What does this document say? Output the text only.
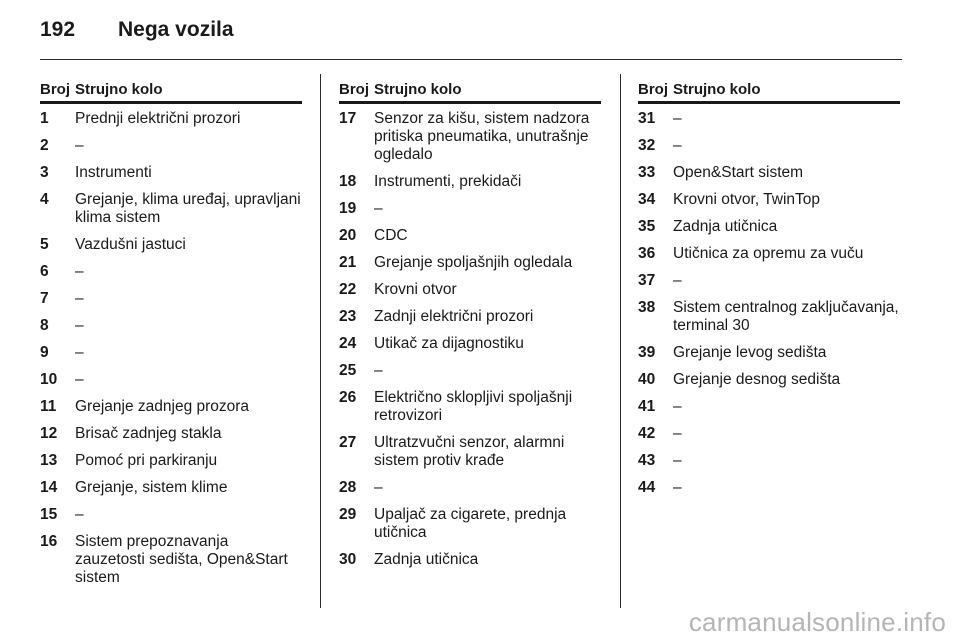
192	Nega vozila
Broj Strujno kolo
1	Prednji električni prozori
2	–
3	Instrumenti
4	Grejanje, klima uređaj, upravljani klima sistem
5	Vazdušni jastuci
6	–
7	–
8	–
9	–
10	–
11	Grejanje zadnjeg prozora
12	Brisač zadnjeg stakla
13	Pomoć pri parkiranju
14	Grejanje, sistem klime
15	–
16	Sistem prepoznavanja zauzetosti sedišta, Open&Start sistem
Broj Strujno kolo
17	Senzor za kišu, sistem nadzora pritiska pneumatika, unutrašnje ogledalo
18	Instrumenti, prekidači
19	–
20	CDC
21	Grejanje spoljašnjih ogledala
22	Krovni otvor
23	Zadnji električni prozori
24	Utikač za dijagnostiku
25	–
26	Električno sklopljivi spoljašnji retrovizori
27	Ultratzvučni senzor, alarmni sistem protiv krađe
28	–
29	Upaljač za cigarete, prednja utičnica
30	Zadnja utičnica
Broj Strujno kolo
31	–
32	–
33	Open&Start sistem
34	Krovni otvor, TwinTop
35	Zadnja utičnica
36	Utičnica za opremu za vuču
37	–
38	Sistem centralnog zaključavanja, terminal 30
39	Grejanje levog sedišta
40	Grejanje desnog sedišta
41	–
42	–
43	–
44	–
carmanualsonline.info
